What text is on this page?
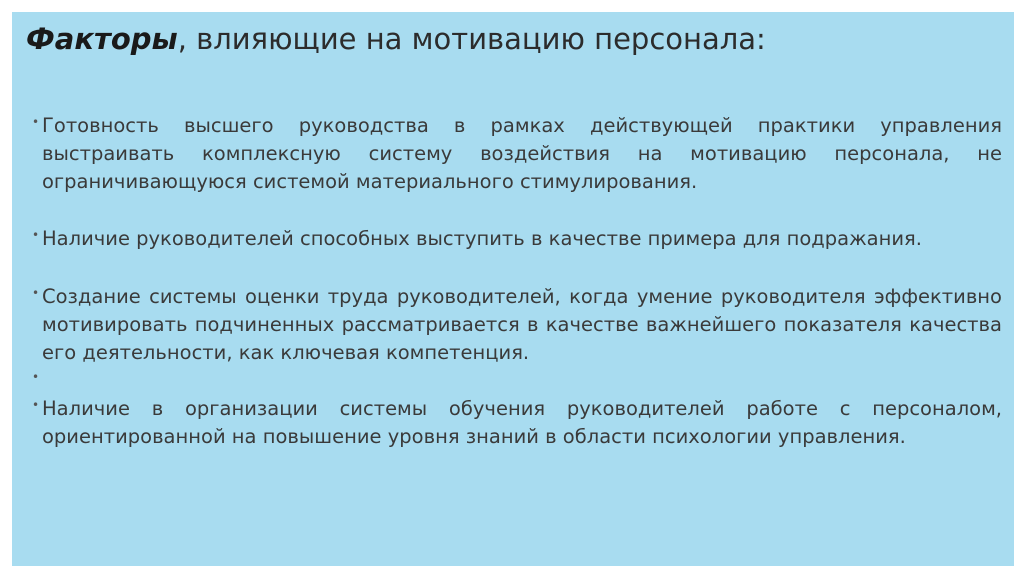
Факторы, влияющие на мотивацию персонала:
• Готовность высшего руководства в рамках действующей практики управления выстраивать комплексную систему воздействия на мотивацию персонала, не ограничивающуюся системой материального стимулирования.
• Наличие руководителей способных выступить в качестве примера для подражания.
• Создание системы оценки труда руководителей, когда умение руководителя эффективно мотивировать подчиненных рассматривается в качестве важнейшего показателя качества его деятельности, как ключевая компетенция.
•
• Наличие в организации системы обучения руководителей работе с персоналом, ориентированной на повышение уровня знаний в области психологии управления.
